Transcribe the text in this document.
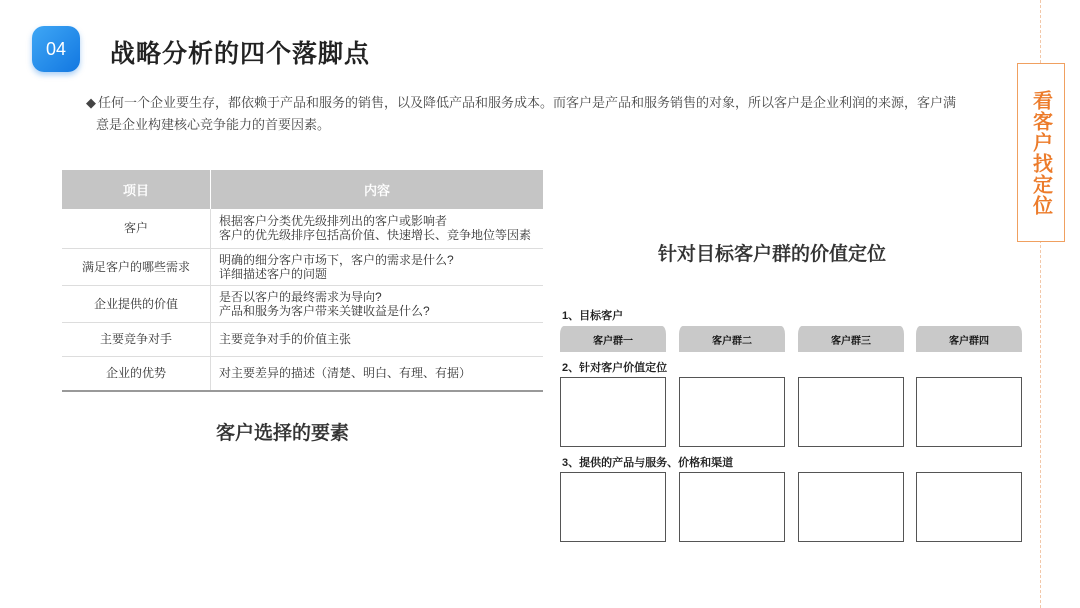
04	战略分析的四个落脚点
◆ 任何一个企业要生存，都依赖于产品和服务的销售，以及降低产品和服务成本。而客户是产品和服务销售的对象，所以客户是企业利润的来源，客户满
意是企业构建核心竞争能力的首要因素。	看客户找定位
项目	内容
客户	根据客户分类优先级排列出的客户或影响者
客户的优先级排序包括高价值、快速增长、竞争地位等因素

满足客户的哪些需求	明确的细分客户市场下，客户的需求是什么?
详细描述客户的问题

企业提供的价值	是否以客户的最终需求为导向?
产品和服务为客户带来关键收益是什么?

主要竞争对手	主要竞争对手的价值主张

企业的优势	对主要差异的描述（清楚、明白、有理、有据）
客户选择的要素
针对目标客户群的价值定位
1、目标客户
客户群一	客户群二	客户群三	客户群四
2、针对客户价值定位
3、提供的产品与服务、价格和渠道
